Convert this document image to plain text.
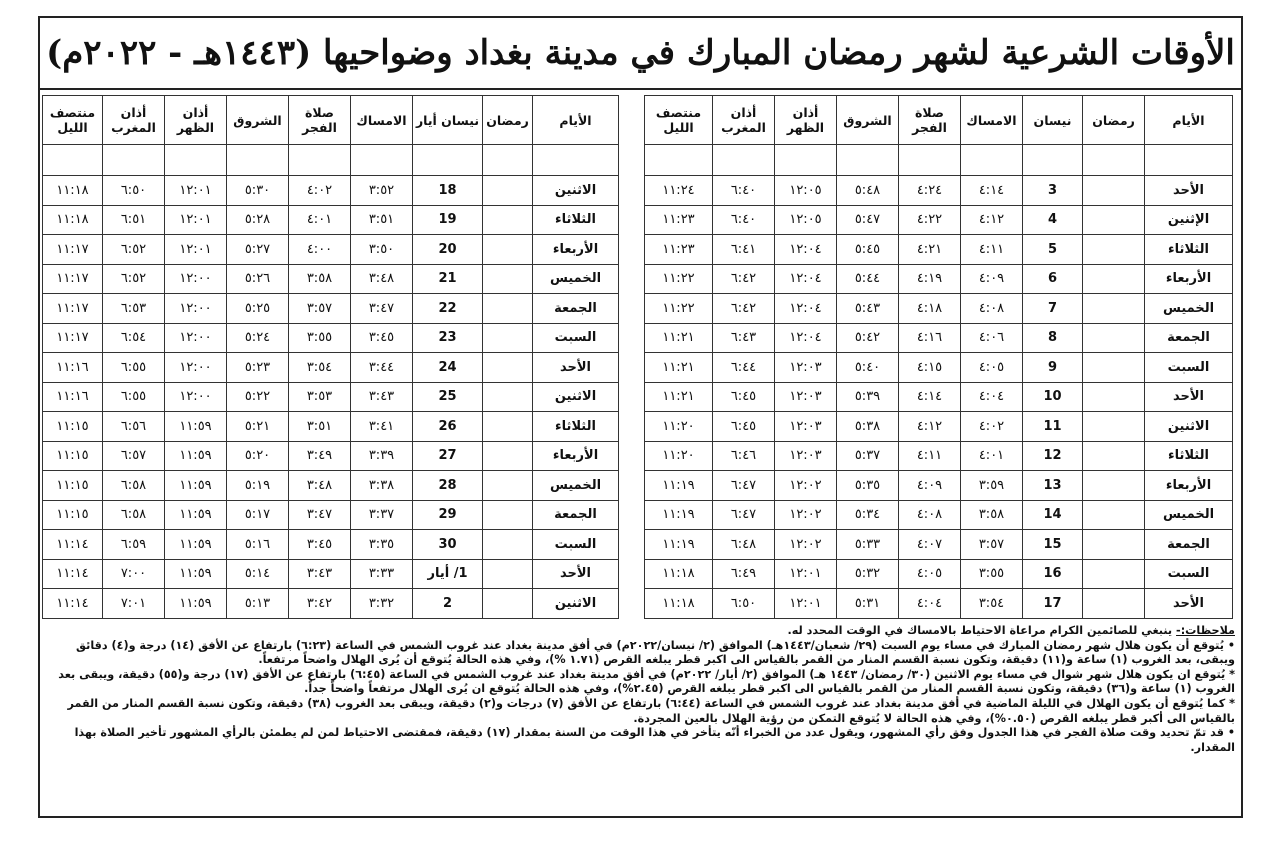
الأوقات الشرعية لشهر رمضان المبارك في مدينة بغداد وضواحيها (١٤٤٣هـ - ٢٠٢٢م)
الأيام	رمضان	نيسان	الامساك	صلاة الفجر	الشروق	أذان الظهر	أذان المغرب	منتصف الليل

الأحد		3	٤:١٤	٤:٢٤	٥:٤٨	١٢:٠٥	٦:٤٠	١١:٢٤
الإثنين		4	٤:١٢	٤:٢٢	٥:٤٧	١٢:٠٥	٦:٤٠	١١:٢٣
الثلاثاء		5	٤:١١	٤:٢١	٥:٤٥	١٢:٠٤	٦:٤١	١١:٢٣
الأربعاء		6	٤:٠٩	٤:١٩	٥:٤٤	١٢:٠٤	٦:٤٢	١١:٢٢
الخميس		7	٤:٠٨	٤:١٨	٥:٤٣	١٢:٠٤	٦:٤٢	١١:٢٢
الجمعة		8	٤:٠٦	٤:١٦	٥:٤٢	١٢:٠٤	٦:٤٣	١١:٢١
السبت		9	٤:٠٥	٤:١٥	٥:٤٠	١٢:٠٣	٦:٤٤	١١:٢١
الأحد		10	٤:٠٤	٤:١٤	٥:٣٩	١٢:٠٣	٦:٤٥	١١:٢١
الاثنين		11	٤:٠٢	٤:١٢	٥:٣٨	١٢:٠٣	٦:٤٥	١١:٢٠
الثلاثاء		12	٤:٠١	٤:١١	٥:٣٧	١٢:٠٣	٦:٤٦	١١:٢٠
الأربعاء		13	٣:٥٩	٤:٠٩	٥:٣٥	١٢:٠٢	٦:٤٧	١١:١٩
الخميس		14	٣:٥٨	٤:٠٨	٥:٣٤	١٢:٠٢	٦:٤٧	١١:١٩
الجمعة		15	٣:٥٧	٤:٠٧	٥:٣٣	١٢:٠٢	٦:٤٨	١١:١٩
السبت		16	٣:٥٥	٤:٠٥	٥:٣٢	١٢:٠١	٦:٤٩	١١:١٨
الأحد		17	٣:٥٤	٤:٠٤	٥:٣١	١٢:٠١	٦:٥٠	١١:١٨
الأيام	رمضان	نيسان أيار	الامساك	صلاة الفجر	الشروق	أذان الظهر	أذان المغرب	منتصف الليل

الاثنين		18	٣:٥٢	٤:٠٢	٥:٣٠	١٢:٠١	٦:٥٠	١١:١٨
الثلاثاء		19	٣:٥١	٤:٠١	٥:٢٨	١٢:٠١	٦:٥١	١١:١٨
الأربعاء		20	٣:٥٠	٤:٠٠	٥:٢٧	١٢:٠١	٦:٥٢	١١:١٧
الخميس		21	٣:٤٨	٣:٥٨	٥:٢٦	١٢:٠٠	٦:٥٢	١١:١٧
الجمعة		22	٣:٤٧	٣:٥٧	٥:٢٥	١٢:٠٠	٦:٥٣	١١:١٧
السبت		23	٣:٤٥	٣:٥٥	٥:٢٤	١٢:٠٠	٦:٥٤	١١:١٧
الأحد		24	٣:٤٤	٣:٥٤	٥:٢٣	١٢:٠٠	٦:٥٥	١١:١٦
الاثنين		25	٣:٤٣	٣:٥٣	٥:٢٢	١٢:٠٠	٦:٥٥	١١:١٦
الثلاثاء		26	٣:٤١	٣:٥١	٥:٢١	١١:٥٩	٦:٥٦	١١:١٥
الأربعاء		27	٣:٣٩	٣:٤٩	٥:٢٠	١١:٥٩	٦:٥٧	١١:١٥
الخميس		28	٣:٣٨	٣:٤٨	٥:١٩	١١:٥٩	٦:٥٨	١١:١٥
الجمعة		29	٣:٣٧	٣:٤٧	٥:١٧	١١:٥٩	٦:٥٨	١١:١٥
السبت		30	٣:٣٥	٣:٤٥	٥:١٦	١١:٥٩	٦:٥٩	١١:١٤
الأحد		1/ أيار	٣:٣٣	٣:٤٣	٥:١٤	١١:٥٩	٧:٠٠	١١:١٤
الاثنين		2	٣:٣٢	٣:٤٢	٥:١٣	١١:٥٩	٧:٠١	١١:١٤

ملاحظات:- ينبغي للصائمين الكرام مراعاة الاحتياط بالامساك في الوقت المحدد له.

• يُتوقع أن يكون هلال شهر رمضان المبارك في مساء يوم السبت (٢٩/ شعبان/١٤٤٣هـ) الموافق (٢/ نيسان/٢٠٢٢م) في أفق مدينة بغداد عند غروب الشمس في الساعة (٦:٢٣) بارتفاع عن الأفق (١٤) درجة و(٤) دقائق ويبقى، بعد الغروب (١) ساعة و(١١) دقيقة، وتكون نسبة القسم المنار من القمر بالقياس الى اكبر قطر يبلغه القرص (١.٧١ %)، وفي هذه الحالة يُتوقع أن يُرى الهلال واضحاً مرتفعاً.

* يُتوقع ان يكون هلال شهر شوال في مساء يوم الاثنين (٣٠/ رمضان/ ١٤٤٣ هـ) الموافق (٢/ أيار/ ٢٠٢٢م) في أفق مدينة بغداد عند غروب الشمس في الساعة (٦:٤٥) بارتفاع عن الأفق (١٧) درجة و(٥٥) دقيقة، ويبقى بعد الغروب (١) ساعة و(٣٦) دقيقة، وتكون نسبة القسم المنار من القمر بالقياس الى اكبر قطر يبلغه القرص (٢.٤٥%)، وفي هذه الحالة يُتوقع ان يُرى الهلال مرتفعاً واضحاً جداً.

* كما يُتوقع أن يكون الهلال في الليلة الماضية في أفق مدينة بغداد عند غروب الشمس في الساعة (٦:٤٤) بارتفاع عن الأفق (٧) درجات و(٢) دقيقة، ويبقى بعد الغروب (٣٨) دقيقة، وتكون نسبة القسم المنار من القمر بالقياس الى أكبر قطر يبلغه القرص (٠.٥٠%)، وفي هذه الحالة لا يُتوقع التمكن من رؤية الهلال بالعين المجردة.

• قد تمّ تحديد وقت صلاة الفجر في هذا الجدول وفق رأي المشهور، ويقول عدد من الخبراء أنّه يتأخر في هذا الوقت من السنة بمقدار (١٧) دقيقة، فمقتضى الاحتياط لمن لم يطمئن بالرأي المشهور تأخير الصلاة بهذا المقدار.
